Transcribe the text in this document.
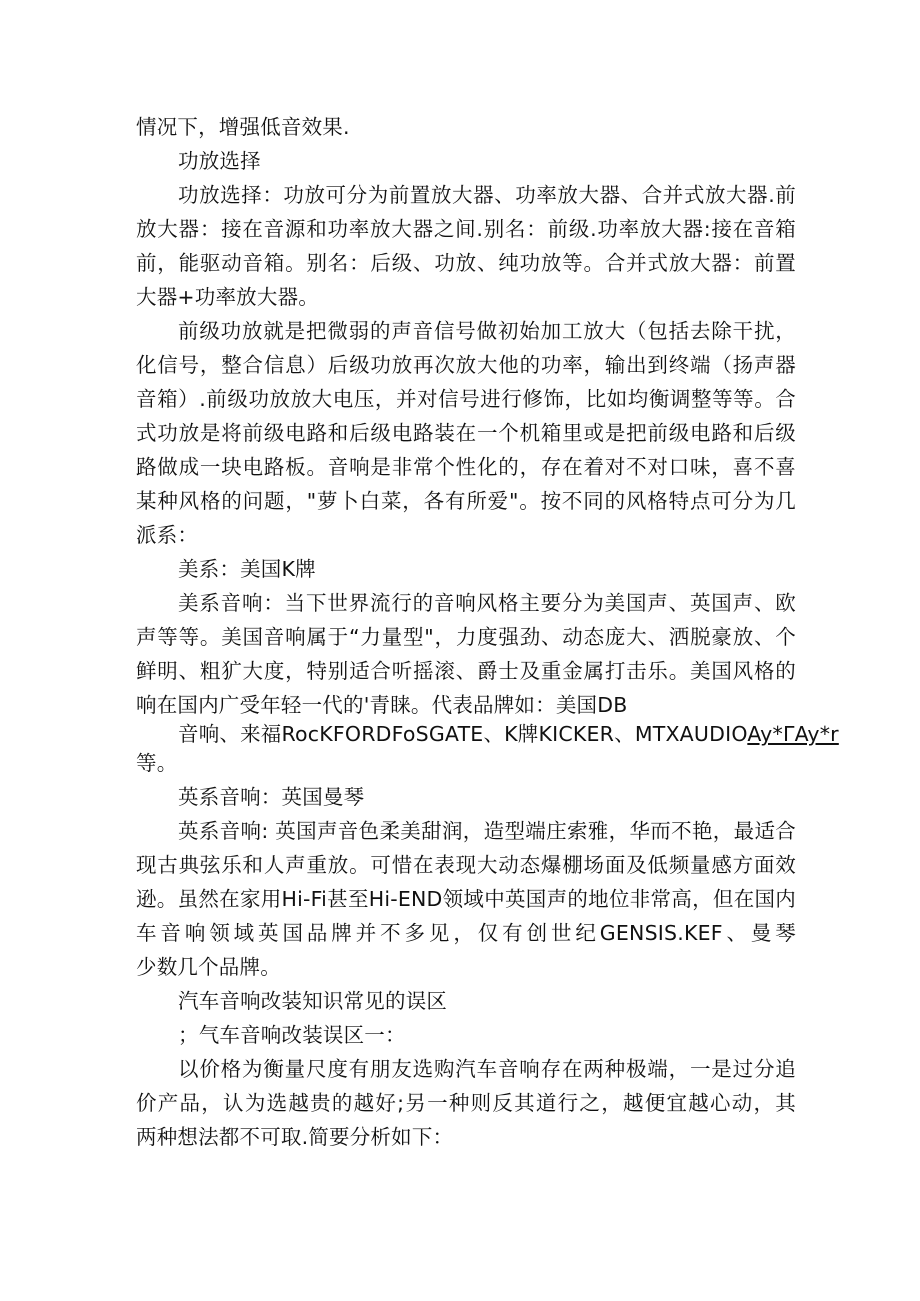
情况下，增强低音效果.
功放选择
功放选择：功放可分为前置放大器、功率放大器、合并式放大器.前
放大器：接在音源和功率放大器之间.别名：前级.功率放大器:接在音箱
前，能驱动音箱。别名：后级、功放、纯功放等。合并式放大器：前置
大器+功率放大器。
前级功放就是把微弱的声音信号做初始加工放大（包括去除干扰，
化信号，整合信息）后级功放再次放大他的功率，输出到终端（扬声器
音箱）.前级功放放大电压，并对信号进行修饰，比如均衡调整等等。合
式功放是将前级电路和后级电路装在一个机箱里或是把前级电路和后级
路做成一块电路板。音响是非常个性化的，存在着对不对口味，喜不喜
某种风格的问题，"萝卜白菜，各有所爱"。按不同的风格特点可分为几
派系：
美系：美国K牌
美系音响：当下世界流行的音响风格主要分为美国声、英国声、欧
声等等。美国音响属于“力量型"，力度强劲、动态庞大、洒脱豪放、个
鲜明、粗犷大度，特别适合听摇滚、爵士及重金属打击乐。美国风格的
响在国内广受年轻一代的'青睐。代表品牌如：美国DB
音响、来福RocKFORDFoSGATE、K牌KICKER、MTXAUDIOAy*ΓAy*r
等。
英系音响：英国曼琴
英系音响: 英国声音色柔美甜润，造型端庄索雅，华而不艳，最适合
现古典弦乐和人声重放。可惜在表现大动态爆棚场面及低频量感方面效
逊。虽然在家用Hi-Fi甚至Hi-END领域中英国声的地位非常高，但在国内
车音响领域英国品牌并不多见，仅有创世纪GENSIS.KEF、曼琴
少数几个品牌。
汽车音响改装知识常见的误区
；气车音响改装误区一：
以价格为衡量尺度有朋友选购汽车音响存在两种极端，一是过分追
价产品，认为选越贵的越好;另一种则反其道行之，越便宜越心动，其
两种想法都不可取.简要分析如下：
